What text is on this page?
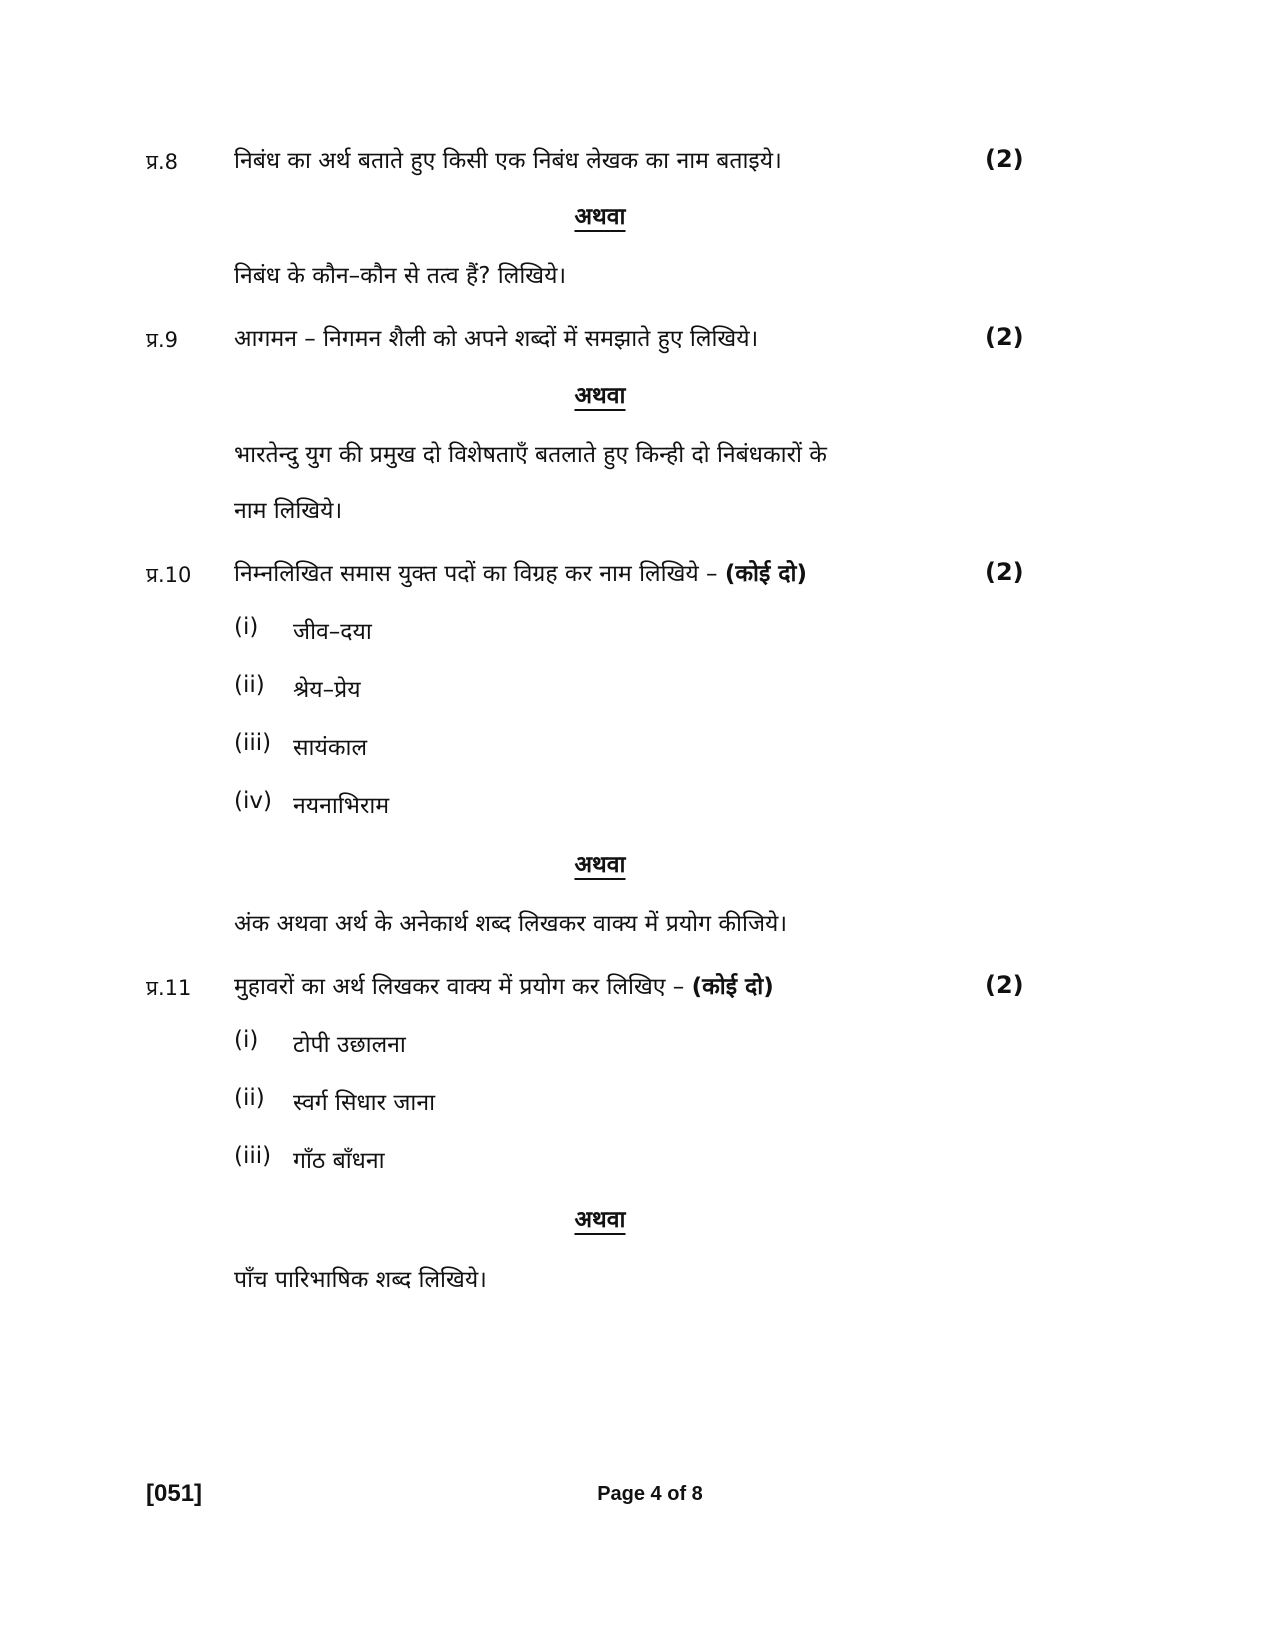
प्र.8 निबंध का अर्थ बताते हुए किसी एक निबंध लेखक का नाम बताइये।	(2)
अथवा
निबंध के कौन–कौन से तत्व हैं? लिखिये।
प्र.9 आगमन – निगमन शैली को अपने शब्दों में समझाते हुए लिखिये।	(2)
अथवा
भारतेन्दु युग की प्रमुख दो विशेषताएँ बतलाते हुए किन्ही दो निबंधकारों के
नाम लिखिये।
प्र.10 निम्नलिखित समास युक्त पदों का विग्रह कर नाम लिखिये – (कोई दो)	(2)
(i) जीव–दया
(ii) श्रेय–प्रेय
(iii) सायंकाल
(iv) नयनाभिराम
अथवा
अंक अथवा अर्थ के अनेकार्थ शब्द लिखकर वाक्य में प्रयोग कीजिये।
प्र.11 मुहावरों का अर्थ लिखकर वाक्य में प्रयोग कर लिखिए – (कोई दो)	(2)
(i) टोपी उछालना
(ii) स्वर्ग सिधार जाना
(iii) गाँठ बाँधना
अथवा
पाँच पारिभाषिक शब्द लिखिये।
[051]	Page 4 of 8
